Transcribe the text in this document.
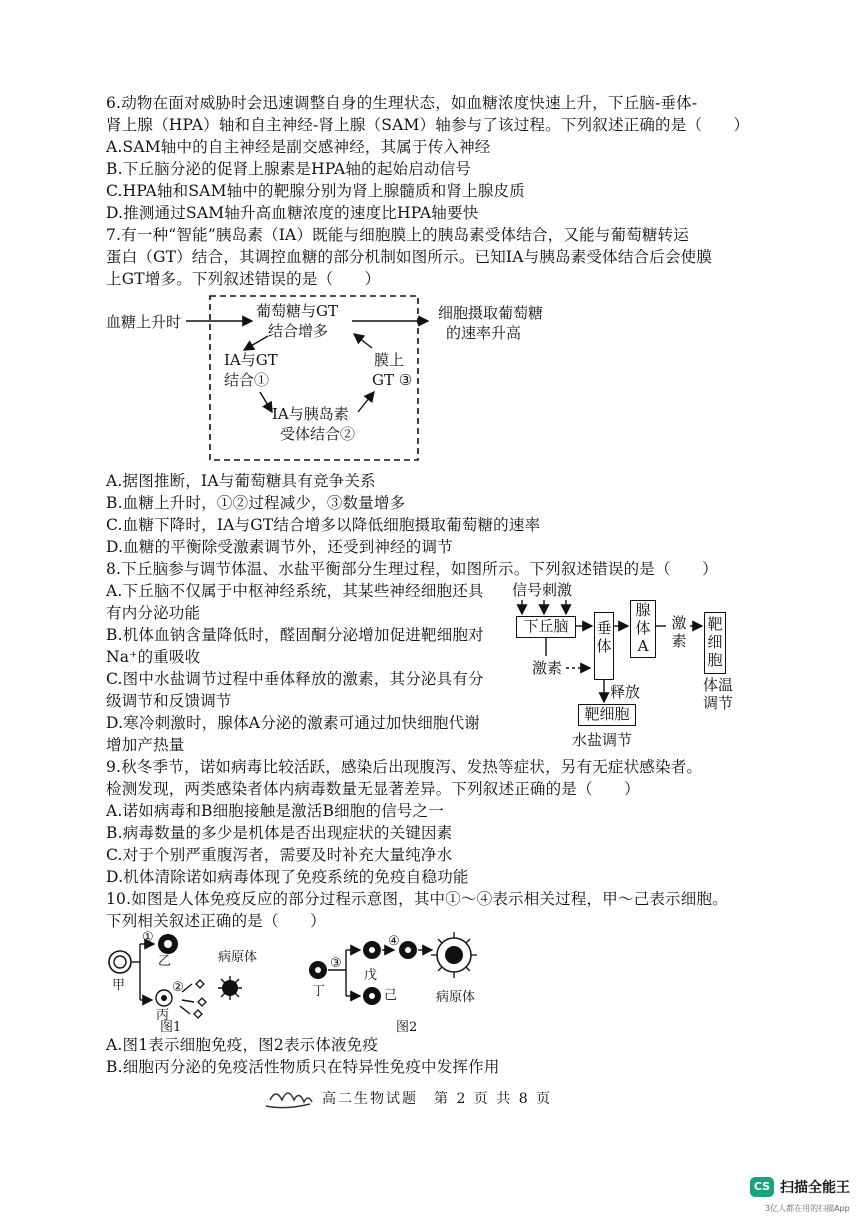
6.动物在面对威胁时会迅速调整自身的生理状态，如血糖浓度快速上升，下丘脑-垂体-
肾上腺（HPA）轴和自主神经-肾上腺（SAM）轴参与了该过程。下列叙述正确的是（　　）
A.SAM轴中的自主神经是副交感神经，其属于传入神经
B.下丘脑分泌的促肾上腺素是HPA轴的起始启动信号
C.HPA轴和SAM轴中的靶腺分别为肾上腺髓质和肾上腺皮质
D.推测通过SAM轴升高血糖浓度的速度比HPA轴要快
7.有一种“智能”胰岛素（IA）既能与细胞膜上的胰岛素受体结合，又能与葡萄糖转运
蛋白（GT）结合，其调控血糖的部分机制如图所示。已知IA与胰岛素受体结合后会使膜
上GT增多。下列叙述错误的是（　　）
血糖上升时
葡萄糖与GT
结合增多
IA与GT
结合①
膜上
GT ③
IA与胰岛素
受体结合②
细胞摄取葡萄糖
的速率升高
A.据图推断，IA与葡萄糖具有竞争关系
B.血糖上升时，①②过程减少，③数量增多
C.血糖下降时，IA与GT结合增多以降低细胞摄取葡萄糖的速率
D.血糖的平衡除受激素调节外，还受到神经的调节
8.下丘脑参与调节体温、水盐平衡部分生理过程，如图所示。下列叙述错误的是（　　）
A.下丘脑不仅属于中枢神经系统，其某些神经细胞还具
有内分泌功能
B.机体血钠含量降低时，醛固酮分泌增加促进靶细胞对
Na⁺的重吸收
C.图中水盐调节过程中垂体释放的激素，其分泌具有分
级调节和反馈调节
D.寒冷刺激时，腺体A分泌的激素可通过加快细胞代谢
增加产热量
信号刺激
下丘脑	垂
体
腺
体
A
激
素
靶
细
胞
体温
调节
激素
释放
靶细胞
水盐调节
9.秋冬季节，诺如病毒比较活跃，感染后出现腹泻、发热等症状，另有无症状感染者。
检测发现，两类感染者体内病毒数量无显著差异。下列叙述正确的是（　　）
A.诺如病毒和B细胞接触是激活B细胞的信号之一
B.病毒数量的多少是机体是否出现症状的关键因素
C.对于个别严重腹泻者，需要及时补充大量纯净水
D.机体清除诺如病毒体现了免疫系统的免疫自稳功能
10.如图是人体免疫反应的部分过程示意图，其中①～④表示相关过程，甲～己表示细胞。
下列相关叙述正确的是（　　）
甲
乙
丙
①
②
病原体
图1
丁
③
戊
己
④
病原体
图2
A.图1表示细胞免疫，图2表示体液免疫
B.细胞丙分泌的免疫活性物质只在特异性免疫中发挥作用
高二生物试题　第 2 页 共 8 页
CS 扫描全能王
3亿人都在用的扫描App
